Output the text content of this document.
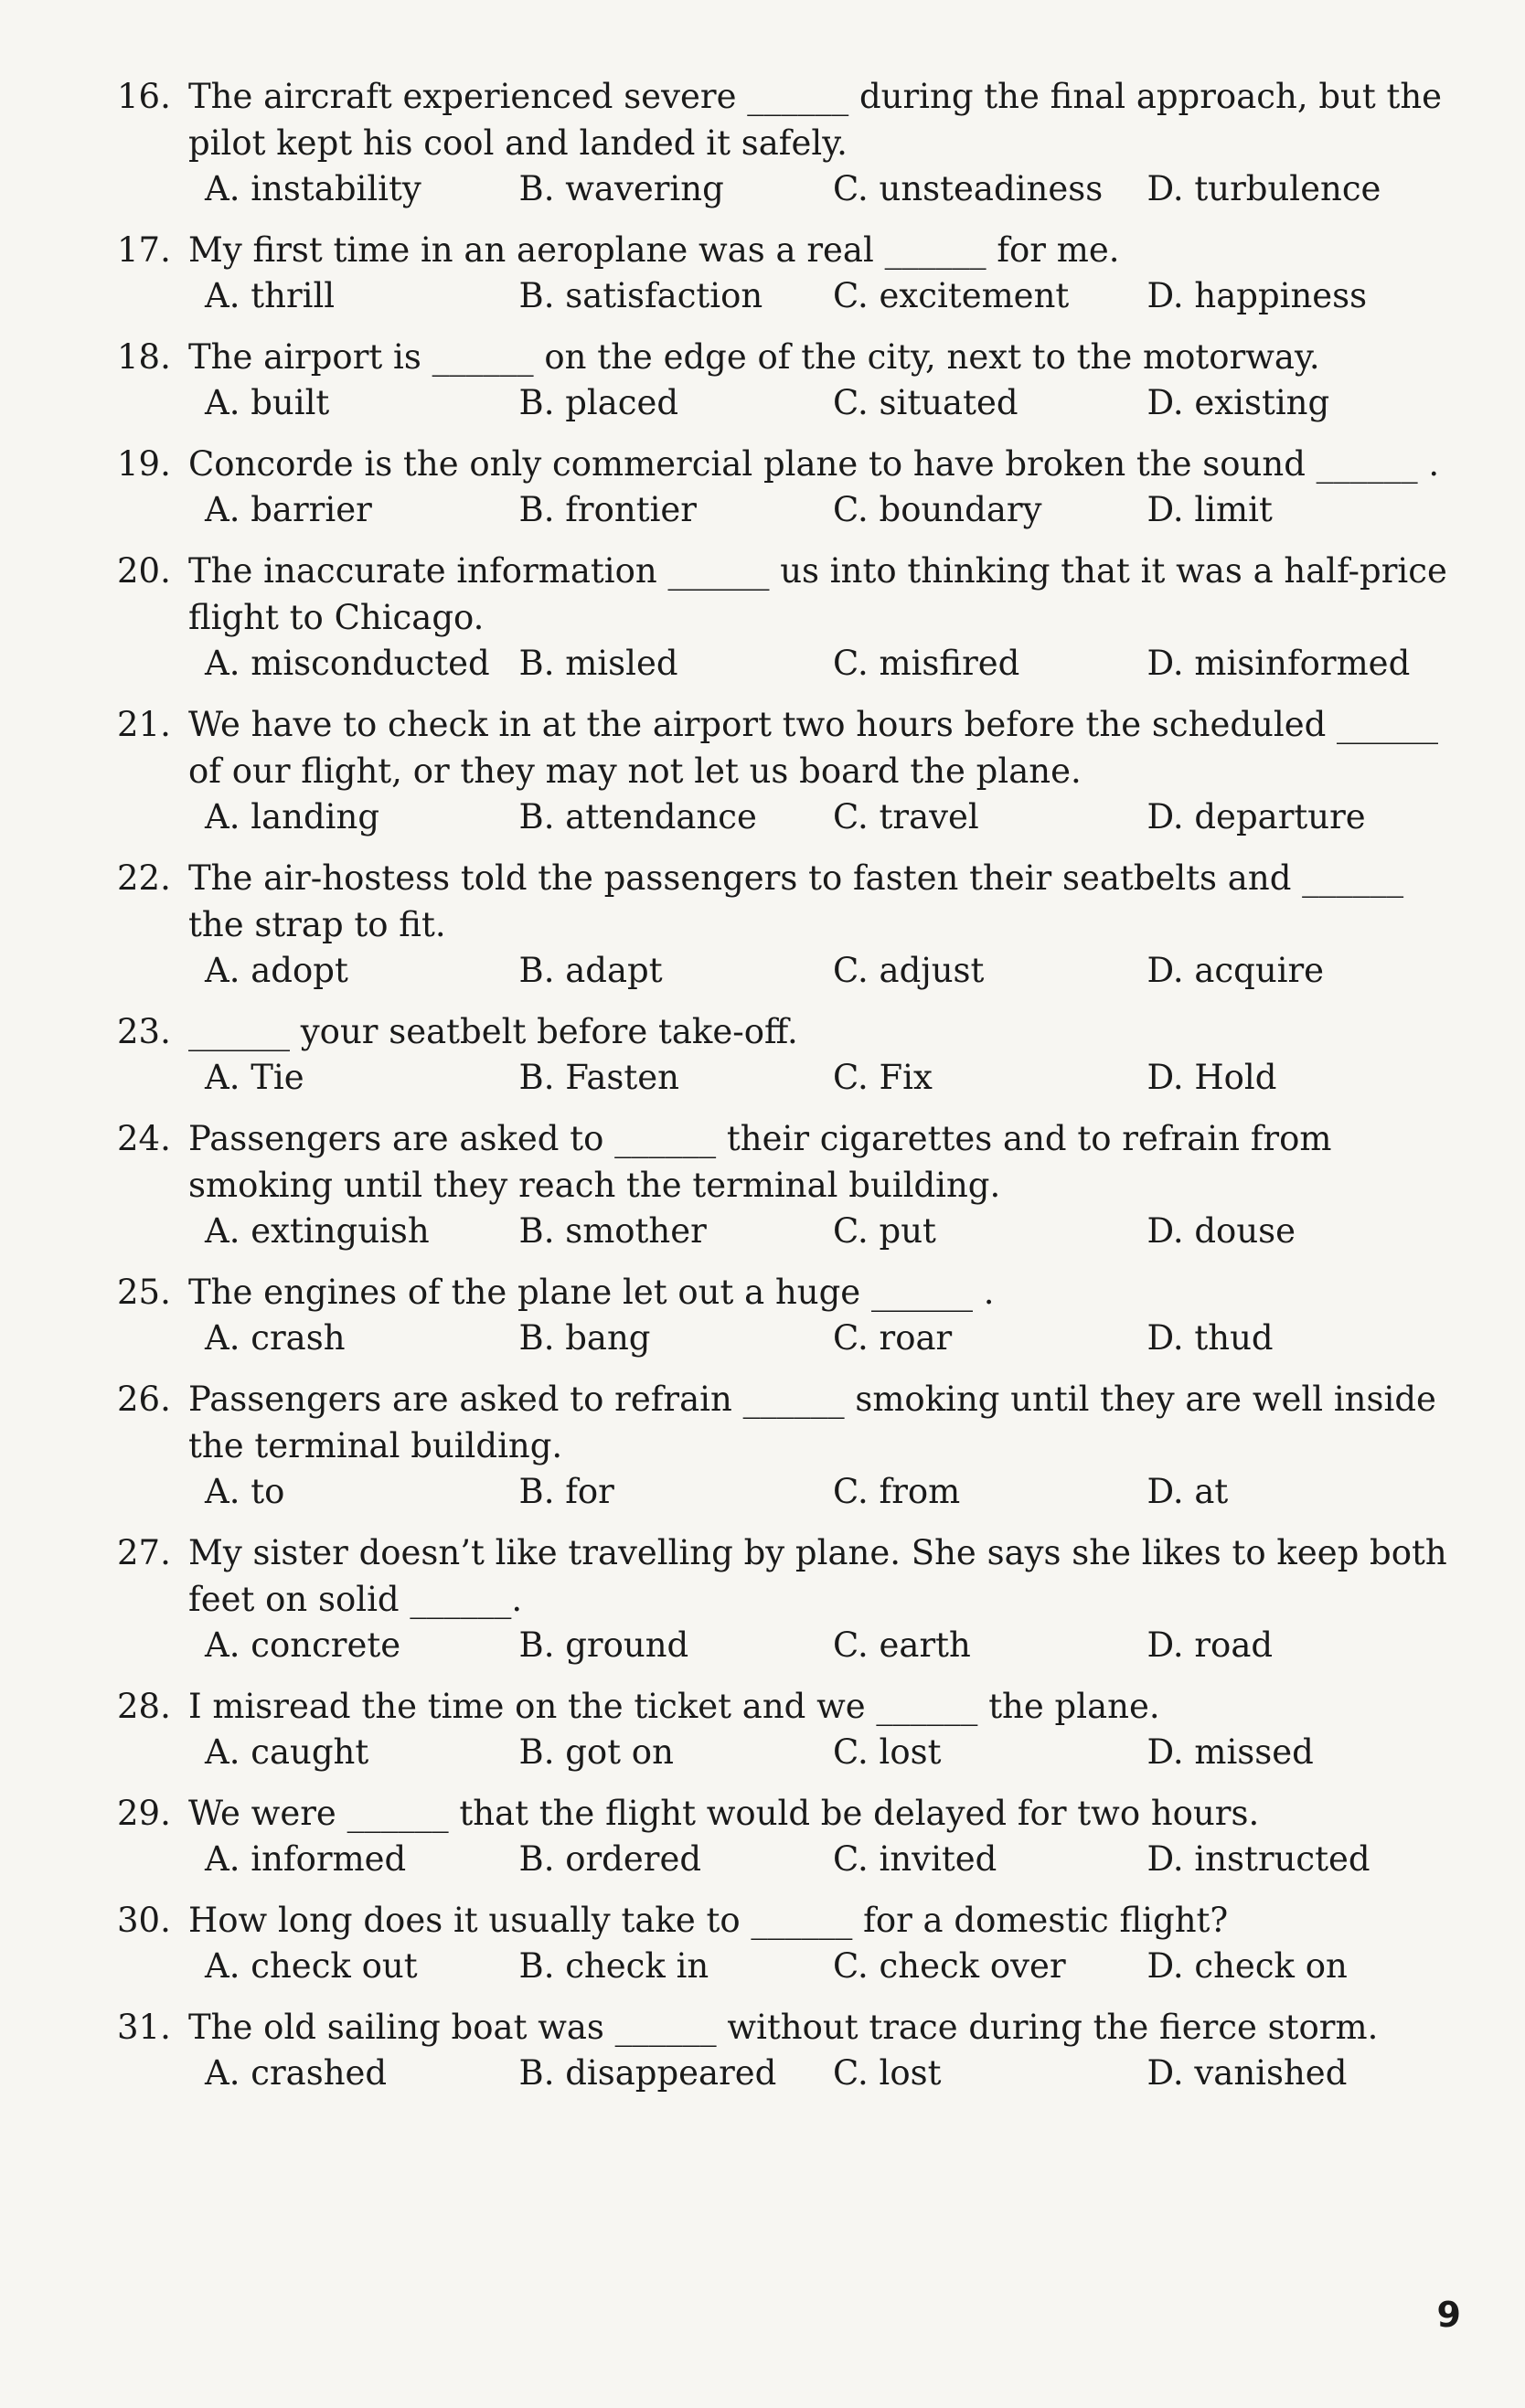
16. The aircraft experienced severe ______ during the final approach, but the pilot kept his cool and landed it safely.
A. instability	B. wavering	C. unsteadiness	D. turbulence
17. My first time in an aeroplane was a real ______ for me.
A. thrill	B. satisfaction	C. excitement	D. happiness
18. The airport is ______ on the edge of the city, next to the motorway.
A. built	B. placed	C. situated	D. existing
19. Concorde is the only commercial plane to have broken the sound ______ .
A. barrier	B. frontier	C. boundary	D. limit
20. The inaccurate information ______ us into thinking that it was a half-price flight to Chicago.
A. misconducted B. misled	C. misfired	D. misinformed
21. We have to check in at the airport two hours before the scheduled ______ of our flight, or they may not let us board the plane.
A. landing	B. attendance	C. travel	D. departure
22. The air-hostess told the passengers to fasten their seatbelts and ______ the strap to fit.
A. adopt	B. adapt	C. adjust	D. acquire
23. ______ your seatbelt before take-off.
A. Tie	B. Fasten	C. Fix	D. Hold
24. Passengers are asked to ______ their cigarettes and to refrain from smoking until they reach the terminal building.
A. extinguish	B. smother	C. put	D. douse
25. The engines of the plane let out a huge ______ .
A. crash	B. bang	C. roar	D. thud
26. Passengers are asked to refrain ______ smoking until they are well inside the terminal building.
A. to	B. for	C. from	D. at
27. My sister doesn’t like travelling by plane. She says she likes to keep both feet on solid ______.
A. concrete	B. ground	C. earth	D. road
28. I misread the time on the ticket and we ______ the plane.
A. caught	B. got on	C. lost	D. missed
29. We were ______ that the flight would be delayed for two hours.
A. informed	B. ordered	C. invited	D. instructed
30. How long does it usually take to ______ for a domestic flight?
A. check out	B. check in	C. check over	D. check on
31. The old sailing boat was ______ without trace during the fierce storm.
A. crashed	B. disappeared	C. lost	D. vanished
9
